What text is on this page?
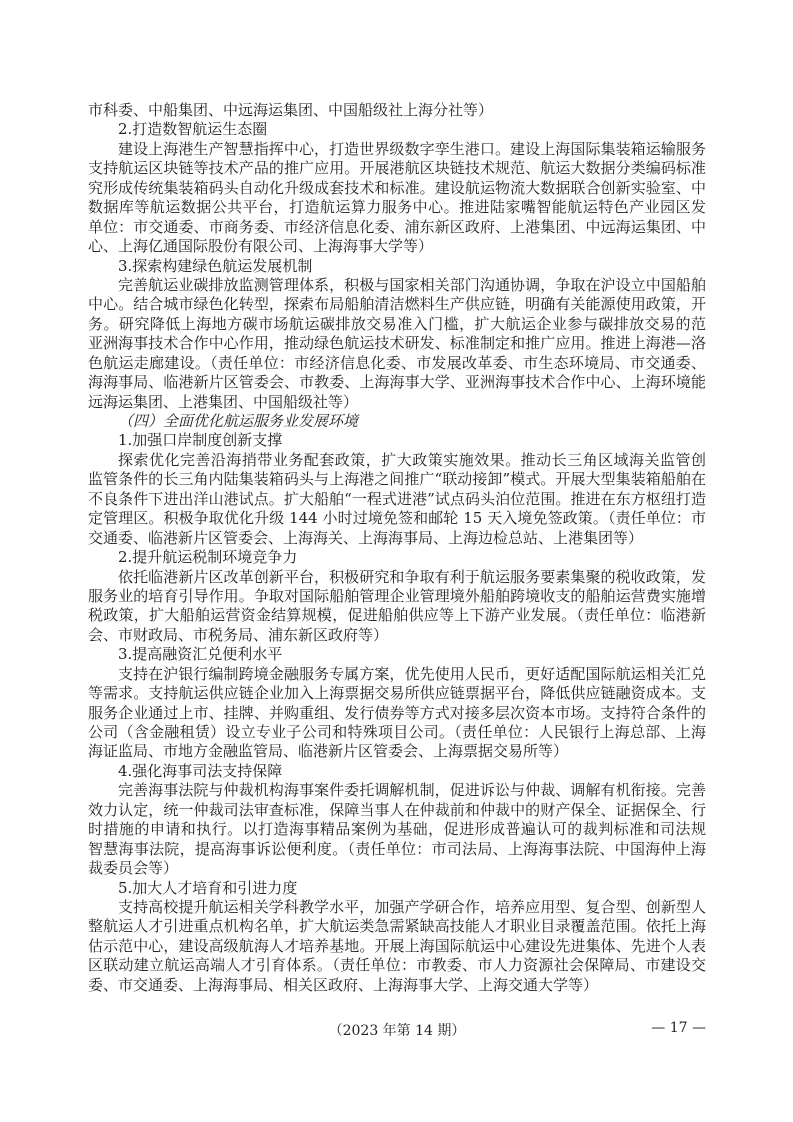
市科委、中船集团、中远海运集团、中国船级社上海分社等）
2.打造数智航运生态圈
建设上海港生产智慧指挥中心，打造世界级数字孪生港口。建设上海国际集装箱运输服务
支持航运区块链等技术产品的推广应用。开展港航区块链技术规范、航运大数据分类编码标准
究形成传统集装箱码头自动化升级成套技术和标准。建设航运物流大数据联合创新实验室、中
数据库等航运数据公共平台，打造航运算力服务中心。推进陆家嘴智能航运特色产业园区发
单位：市交通委、市商务委、市经济信息化委、浦东新区政府、上港集团、中远海运集团、中
心、上海亿通国际股份有限公司、上海海事大学等）
3.探索构建绿色航运发展机制
完善航运业碳排放监测管理体系，积极与国家相关部门沟通协调，争取在沪设立中国船舶
中心。结合城市绿色化转型，探索布局船舶清洁燃料生产供应链，明确有关能源使用政策，开
务。研究降低上海地方碳市场航运碳排放交易准入门槛，扩大航运企业参与碳排放交易的范
亚洲海事技术合作中心作用，推动绿色航运技术研发、标准制定和推广应用。推进上海港—洛
色航运走廊建设。（责任单位：市经济信息化委、市发展改革委、市生态环境局、市交通委、
海海事局、临港新片区管委会、市教委、上海海事大学、亚洲海事技术合作中心、上海环境能
远海运集团、上港集团、中国船级社等）
（四）全面优化航运服务业发展环境
1.加强口岸制度创新支撑
探索优化完善沿海捎带业务配套政策，扩大政策实施效果。推动长三角区域海关监管创
监管条件的长三角内陆集装箱码头与上海港之间推广“联动接卸”模式。开展大型集装箱船舶在
不良条件下进出洋山港试点。扩大船舶“一程式进港”试点码头泊位范围。推进在东方枢纽打造
定管理区。积极争取优化升级 144 小时过境免签和邮轮 15 天入境免签政策。（责任单位：市
交通委、临港新片区管委会、上海海关、上海海事局、上海边检总站、上港集团等）
2.提升航运税制环境竞争力
依托临港新片区改革创新平台，积极研究和争取有利于航运服务要素集聚的税收政策，发
服务业的培育引导作用。争取对国际船舶管理企业管理境外船舶跨境收支的船舶运营费实施增
税政策，扩大船舶运营资金结算规模，促进船舶供应等上下游产业发展。（责任单位：临港新
会、市财政局、市税务局、浦东新区政府等）
3.提高融资汇兑便利水平
支持在沪银行编制跨境金融服务专属方案，优先使用人民币，更好适配国际航运相关汇兑
等需求。支持航运供应链企业加入上海票据交易所供应链票据平台，降低供应链融资成本。支
服务企业通过上市、挂牌、并购重组、发行债券等方式对接多层次资本市场。支持符合条件的
公司（含金融租赁）设立专业子公司和特殊项目公司。（责任单位：人民银行上海总部、上海
海证监局、市地方金融监管局、临港新片区管委会、上海票据交易所等）
4.强化海事司法支持保障
完善海事法院与仲裁机构海事案件委托调解机制，促进诉讼与仲裁、调解有机衔接。完善
效力认定，统一仲裁司法审查标准，保障当事人在仲裁前和仲裁中的财产保全、证据保全、行
时措施的申请和执行。以打造海事精品案例为基础，促进形成普遍认可的裁判标准和司法规
智慧海事法院，提高海事诉讼便利度。（责任单位：市司法局、上海海事法院、中国海仲上海
裁委员会等）
5.加大人才培育和引进力度
支持高校提升航运相关学科教学水平，加强产学研合作，培养应用型、复合型、创新型人
整航运人才引进重点机构名单，扩大航运类急需紧缺高技能人才职业目录覆盖范围。依托上海
估示范中心，建设高级航海人才培养基地。开展上海国际航运中心建设先进集体、先进个人表
区联动建立航运高端人才引育体系。（责任单位：市教委、市人力资源社会保障局、市建设交
委、市交通委、上海海事局、相关区政府、上海海事大学、上海交通大学等）
（2023 年第 14 期）	— 17 —
